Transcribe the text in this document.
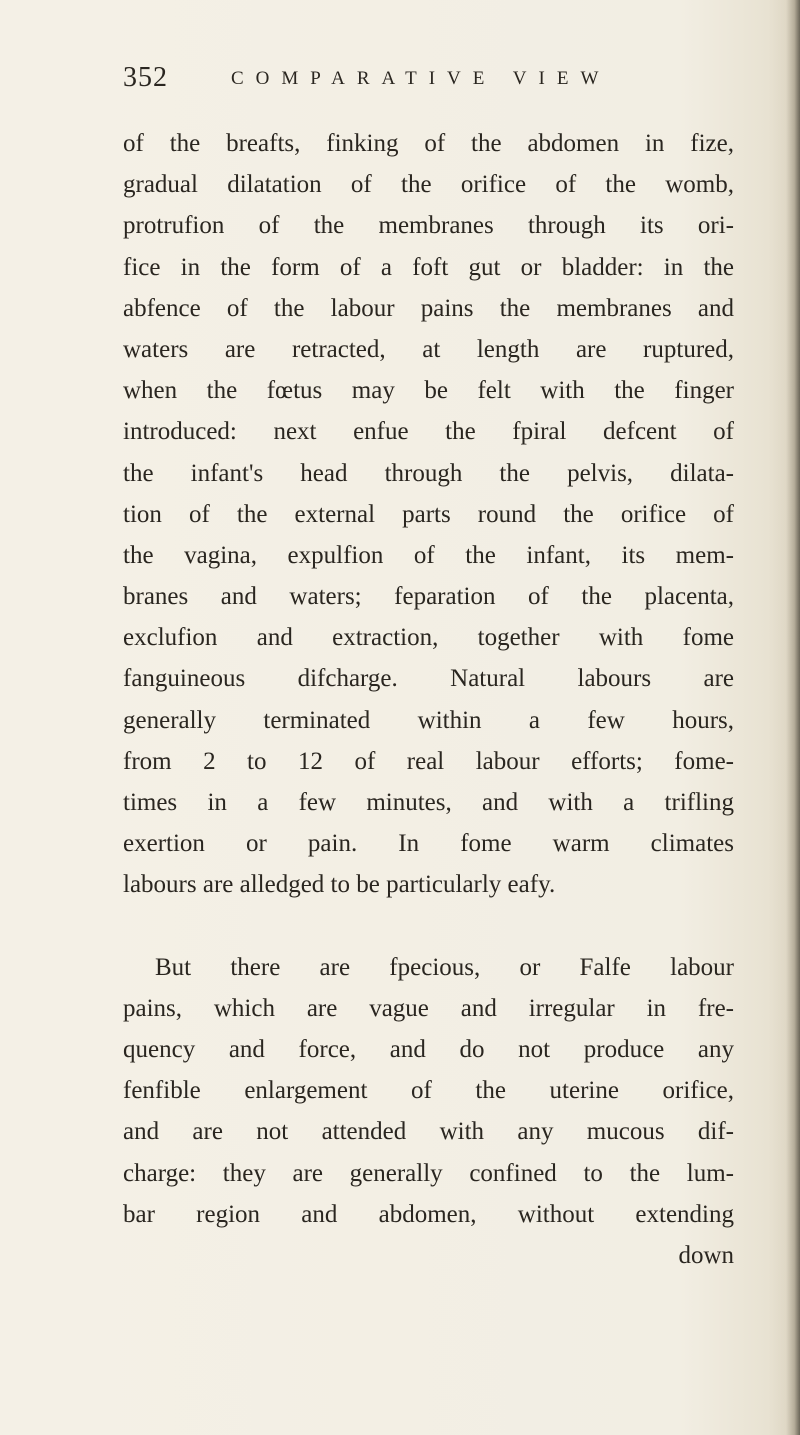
352	COMPARATIVE VIEW
of the breafts, finking of the abdomen in fize,
gradual dilatation of the orifice of the womb,
protrufion of the membranes through its ori-
fice in the form of a foft gut or bladder: in the
abfence of the labour pains the membranes and
waters are retracted, at length are ruptured,
when the fœtus may be felt with the finger
introduced: next enfue the fpiral defcent of
the infant's head through the pelvis, dilata-
tion of the external parts round the orifice of
the vagina, expulfion of the infant, its mem-
branes and waters; feparation of the placenta,
exclufion and extraction, together with fome
fanguineous difcharge. Natural labours are
generally terminated within a few hours,
from 2 to 12 of real labour efforts; fome-
times in a few minutes, and with a trifling
exertion or pain. In fome warm climates
labours are alledged to be particularly eafy.
But there are fpecious, or Falfe labour
pains, which are vague and irregular in fre-
quency and force, and do not produce any
fenfible enlargement of the uterine orifice,
and are not attended with any mucous dif-
charge: they are generally confined to the lum-
bar region and abdomen, without extending
down
